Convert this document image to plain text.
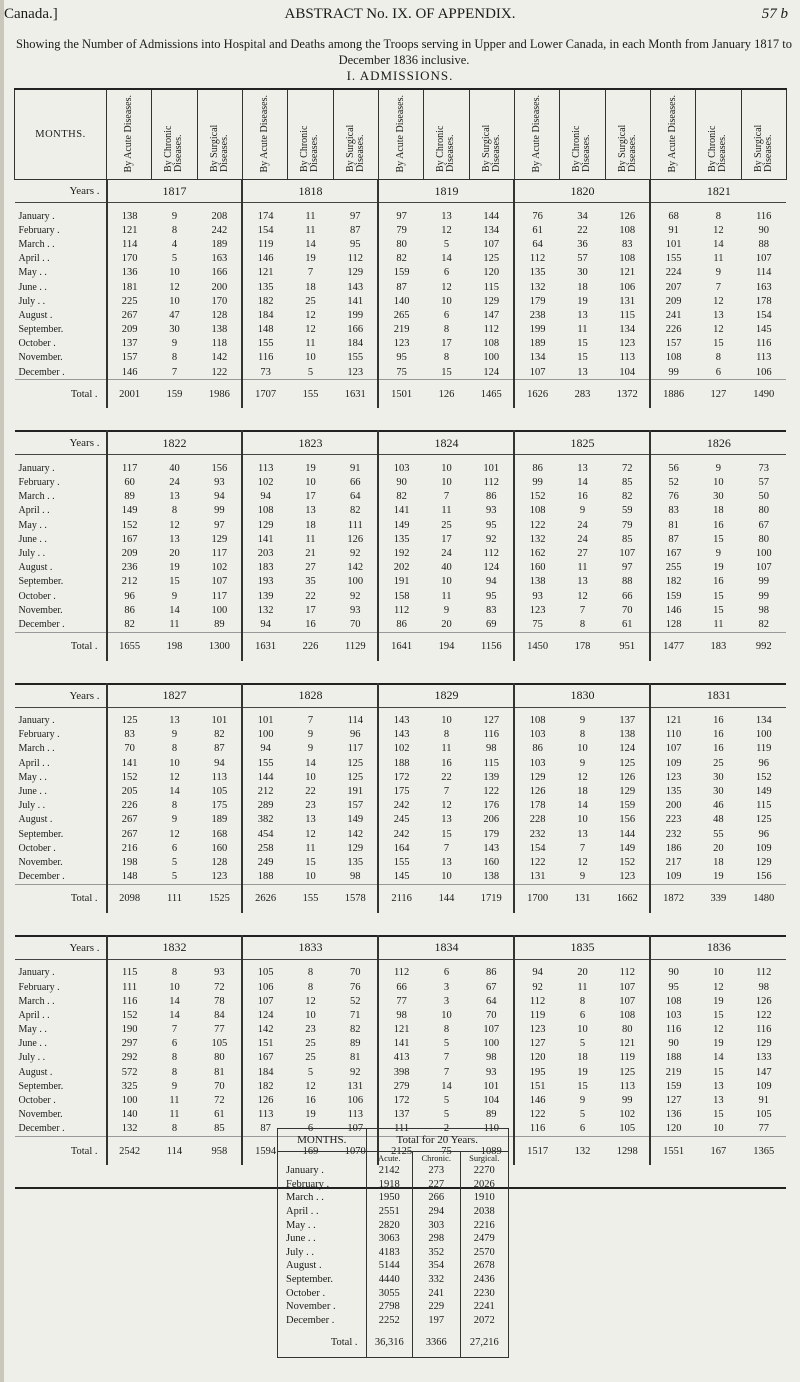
Canada.]	ABSTRACT No. IX. OF APPENDIX.	57 b
Showing the Number of Admissions into Hospital and Deaths among the Troops serving in Upper and Lower Canada, in each Month from January 1817 to December 1836 inclusive.
I. ADMISSIONS.
MONTHS.	By Acute Diseases.	By Chronic Diseases.	By Surgical Diseases.	By Acute Diseases.	By Chronic Diseases.	By Surgical Diseases.	By Acute Diseases.	By Chronic Diseases.	By Surgical Diseases.	By Acute Diseases.	By Chronic Diseases.	By Surgical Diseases.	By Acute Diseases.	By Chronic Diseases.	By Surgical Diseases.
Years .	1817			1818			1819			1820			1821		

January .	138	9	208	174	11	97	97	13	144	76	34	126	68	8	116
February .	121	8	242	154	11	87	79	12	134	61	22	108	91	12	90
March . .	114	4	189	119	14	95	80	5	107	64	36	83	101	14	88
April . .	170	5	163	146	19	112	82	14	125	112	57	108	155	11	107
May . .	136	10	166	121	7	129	159	6	120	135	30	121	224	9	114
June . .	181	12	200	135	18	143	87	12	115	132	18	106	207	7	163
July . .	225	10	170	182	25	141	140	10	129	179	19	131	209	12	178
August .	267	47	128	184	12	199	265	6	147	238	13	115	241	13	154
September.	209	30	138	148	12	166	219	8	112	199	11	134	226	12	145
October .	137	9	118	155	11	184	123	17	108	189	15	123	157	15	116
November.	157	8	142	116	10	155	95	8	100	134	15	113	108	8	113
December .	146	7	122	73	5	123	75	15	124	107	13	104	99	6	106
Total .	2001	159	1986	1707	155	1631	1501	126	1465	1626	283	1372	1886	127	1490

Years .	1822			1823			1824			1825			1826		

January .	117	40	156	113	19	91	103	10	101	86	13	72	56	9	73
February .	60	24	93	102	10	66	90	10	112	99	14	85	52	10	57
March . .	89	13	94	94	17	64	82	7	86	152	16	82	76	30	50
April . .	149	8	99	108	13	82	141	11	93	108	9	59	83	18	80
May . .	152	12	97	129	18	111	149	25	95	122	24	79	81	16	67
June . .	167	13	129	141	11	126	135	17	92	132	24	85	87	15	80
July . .	209	20	117	203	21	92	192	24	112	162	27	107	167	9	100
August .	236	19	102	183	27	142	202	40	124	160	11	97	255	19	107
September.	212	15	107	193	35	100	191	10	94	138	13	88	182	16	99
October .	96	9	117	139	22	92	158	11	95	93	12	66	159	15	99
November.	86	14	100	132	17	93	112	9	83	123	7	70	146	15	98
December .	82	11	89	94	16	70	86	20	69	75	8	61	128	11	82
Total .	1655	198	1300	1631	226	1129	1641	194	1156	1450	178	951	1477	183	992

Years .	1827			1828			1829			1830			1831		

January .	125	13	101	101	7	114	143	10	127	108	9	137	121	16	134
February .	83	9	82	100	9	96	143	8	116	103	8	138	110	16	100
March . .	70	8	87	94	9	117	102	11	98	86	10	124	107	16	119
April . .	141	10	94	155	14	125	188	16	115	103	9	125	109	25	96
May . .	152	12	113	144	10	125	172	22	139	129	12	126	123	30	152
June . .	205	14	105	212	22	191	175	7	122	126	18	129	135	30	149
July . .	226	8	175	289	23	157	242	12	176	178	14	159	200	46	115
August .	267	9	189	382	13	149	245	13	206	228	10	156	223	48	125
September.	267	12	168	454	12	142	242	15	179	232	13	144	232	55	96
October .	216	6	160	258	11	129	164	7	143	154	7	149	186	20	109
November.	198	5	128	249	15	135	155	13	160	122	12	152	217	18	129
December .	148	5	123	188	10	98	145	10	138	131	9	123	109	19	156
Total .	2098	111	1525	2626	155	1578	2116	144	1719	1700	131	1662	1872	339	1480

Years .	1832			1833			1834			1835			1836		

January .	115	8	93	105	8	70	112	6	86	94	20	112	90	10	112
February .	111	10	72	106	8	76	66	3	67	92	11	107	95	12	98
March . .	116	14	78	107	12	52	77	3	64	112	8	107	108	19	126
April . .	152	14	84	124	10	71	98	10	70	119	6	108	103	15	122
May . .	190	7	77	142	23	82	121	8	107	123	10	80	116	12	116
June . .	297	6	105	151	25	89	141	5	100	127	5	121	90	19	129
July . .	292	8	80	167	25	81	413	7	98	120	18	119	188	14	133
August .	572	8	81	184	5	92	398	7	93	195	19	125	219	15	147
September.	325	9	70	182	12	131	279	14	101	151	15	113	159	13	109
October .	100	11	72	126	16	106	172	5	104	146	9	99	127	13	91
November.	140	11	61	113	19	113	137	5	89	122	5	102	136	15	105
December .	132	8	85	87	6	107	111	2	110	116	6	105	120	10	77
Total .	2542	114	958	1594	169	1070	2125	75	1089	1517	132	1298	1551	167	1365

MONTHS.	Total for 20 Years.		
	Acute.	Chronic.	Surgical.
January .	2142	273	2270
February .	1918	227	2026
March . .	1950	266	1910
April . .	2551	294	2038
May . .	2820	303	2216
June . .	3063	298	2479
July . .	4183	352	2570
August .	5144	354	2678
September.	4440	332	2436
October .	3055	241	2230
November .	2798	229	2241
December .	2252	197	2072
Total .	36,316	3366	27,216
